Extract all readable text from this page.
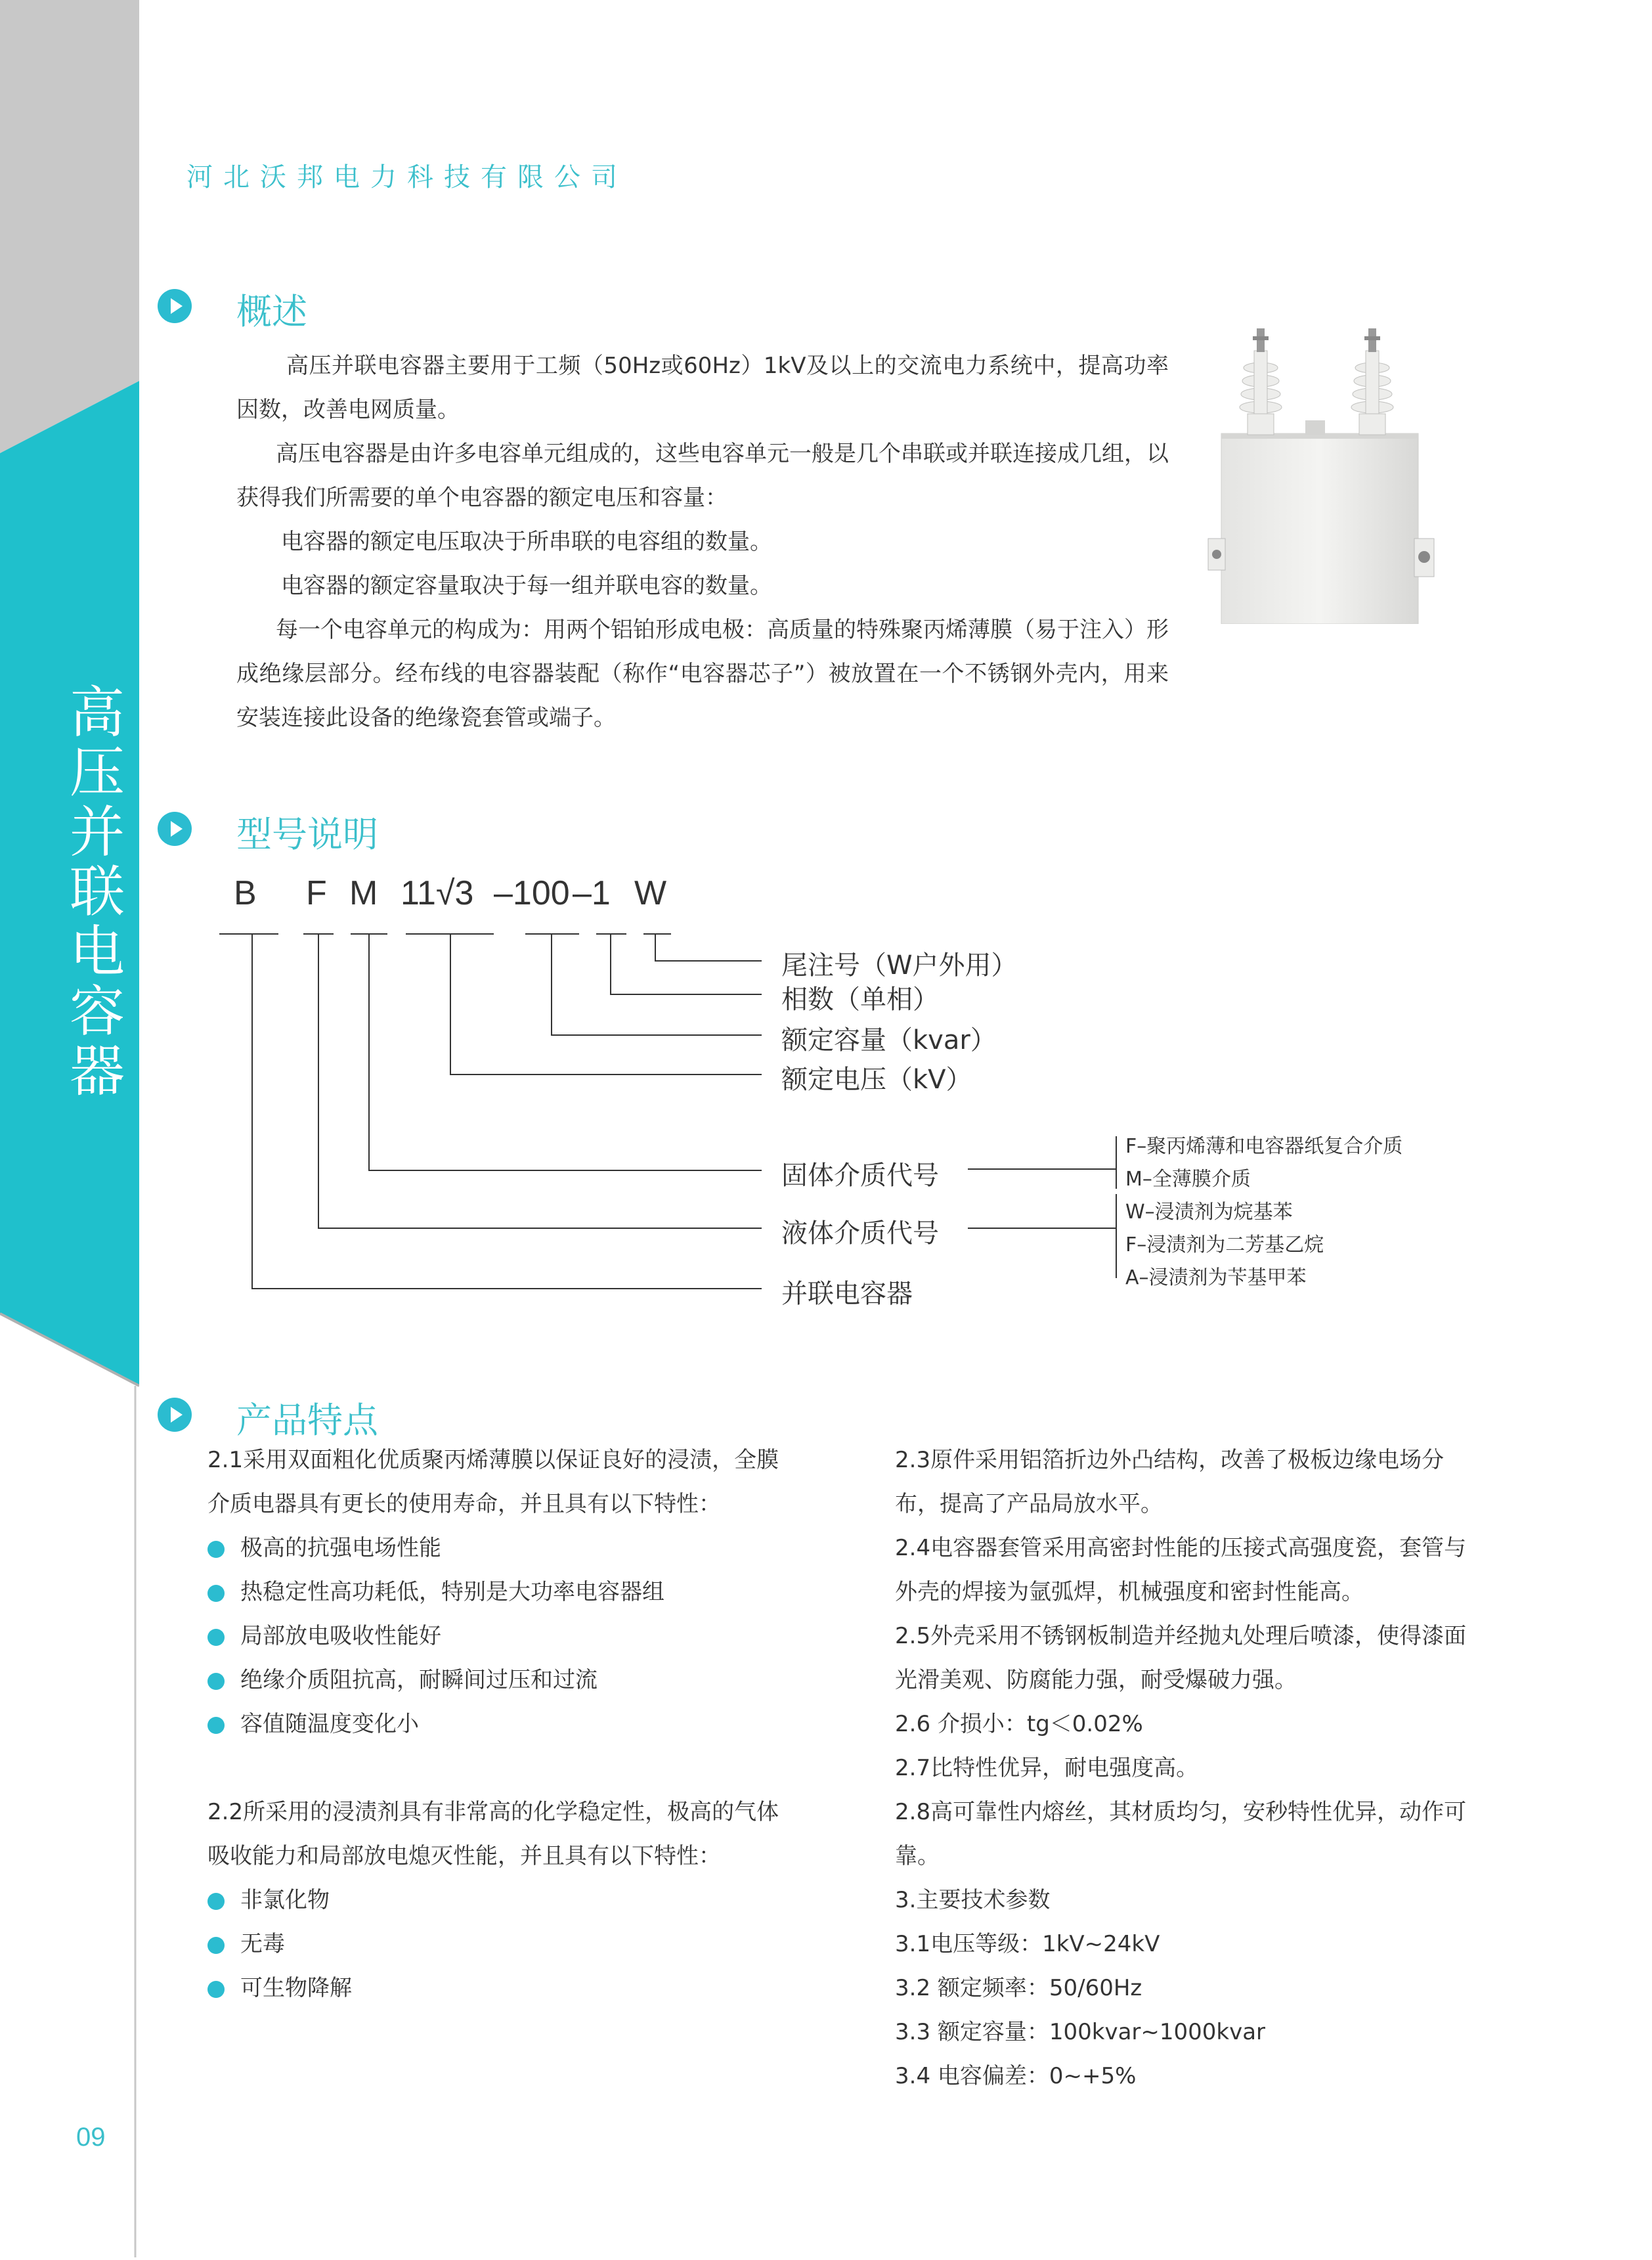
高
压
并
联
电
容
器
09
河北沃邦电力科技有限公司
概述

高压并联电容器主要用于工频（50Hz或60Hz）1kV及以上的交流电力系统中，提高功率因数，改善电网质量。

高压电容器是由许多电容单元组成的，这些电容单元一般是几个串联或并联连接成几组，以获得我们所需要的单个电容器的额定电压和容量：

电容器的额定电压取决于所串联的电容组的数量。

电容器的额定容量取决于每一组并联电容的数量。

每一个电容单元的构成为：用两个铝铂形成电极：高质量的特殊聚丙烯薄膜（易于注入）形成绝缘层部分。经布线的电容器装配（称作“电容器芯子”）被放置在一个不锈钢外壳内，用来安装连接此设备的绝缘瓷套管或端子。

型号说明
B F M 11√3 –100 –1 W
尾注号（W户外用）
相数（单相）
额定容量（kvar）
额定电压（kV）
固体介质代号
液体介质代号
并联电容器
F–聚丙烯薄和电容器纸复合介质
M–全薄膜介质
W–浸渍剂为烷基苯
F–浸渍剂为二芳基乙烷
A–浸渍剂为苄基甲苯
产品特点

2.1采用双面粗化优质聚丙烯薄膜以保证良好的浸渍，全膜介质电器具有更长的使用寿命，并且具有以下特性：

极高的抗强电场性能

热稳定性高功耗低，特别是大功率电容器组

局部放电吸收性能好

绝缘介质阻抗高，耐瞬间过压和过流

容值随温度变化小

2.2所采用的浸渍剂具有非常高的化学稳定性，极高的气体吸收能力和局部放电熄灭性能，并且具有以下特性：

非氯化物

无毒

可生物降解

2.3原件采用铝箔折边外凸结构，改善了极板边缘电场分布，提高了产品局放水平。

2.4电容器套管采用高密封性能的压接式高强度瓷，套管与外壳的焊接为氩弧焊，机械强度和密封性能高。

2.5外壳采用不锈钢板制造并经抛丸处理后喷漆，使得漆面光滑美观、防腐能力强，耐受爆破力强。

2.6 介损小：tg＜0.02%

2.7比特性优异，耐电强度高。

2.8高可靠性内熔丝，其材质均匀，安秒特性优异，动作可靠。

3.主要技术参数

3.1电压等级：1kV~24kV

3.2 额定频率：50/60Hz

3.3 额定容量：100kvar~1000kvar

3.4 电容偏差：0~+5%
